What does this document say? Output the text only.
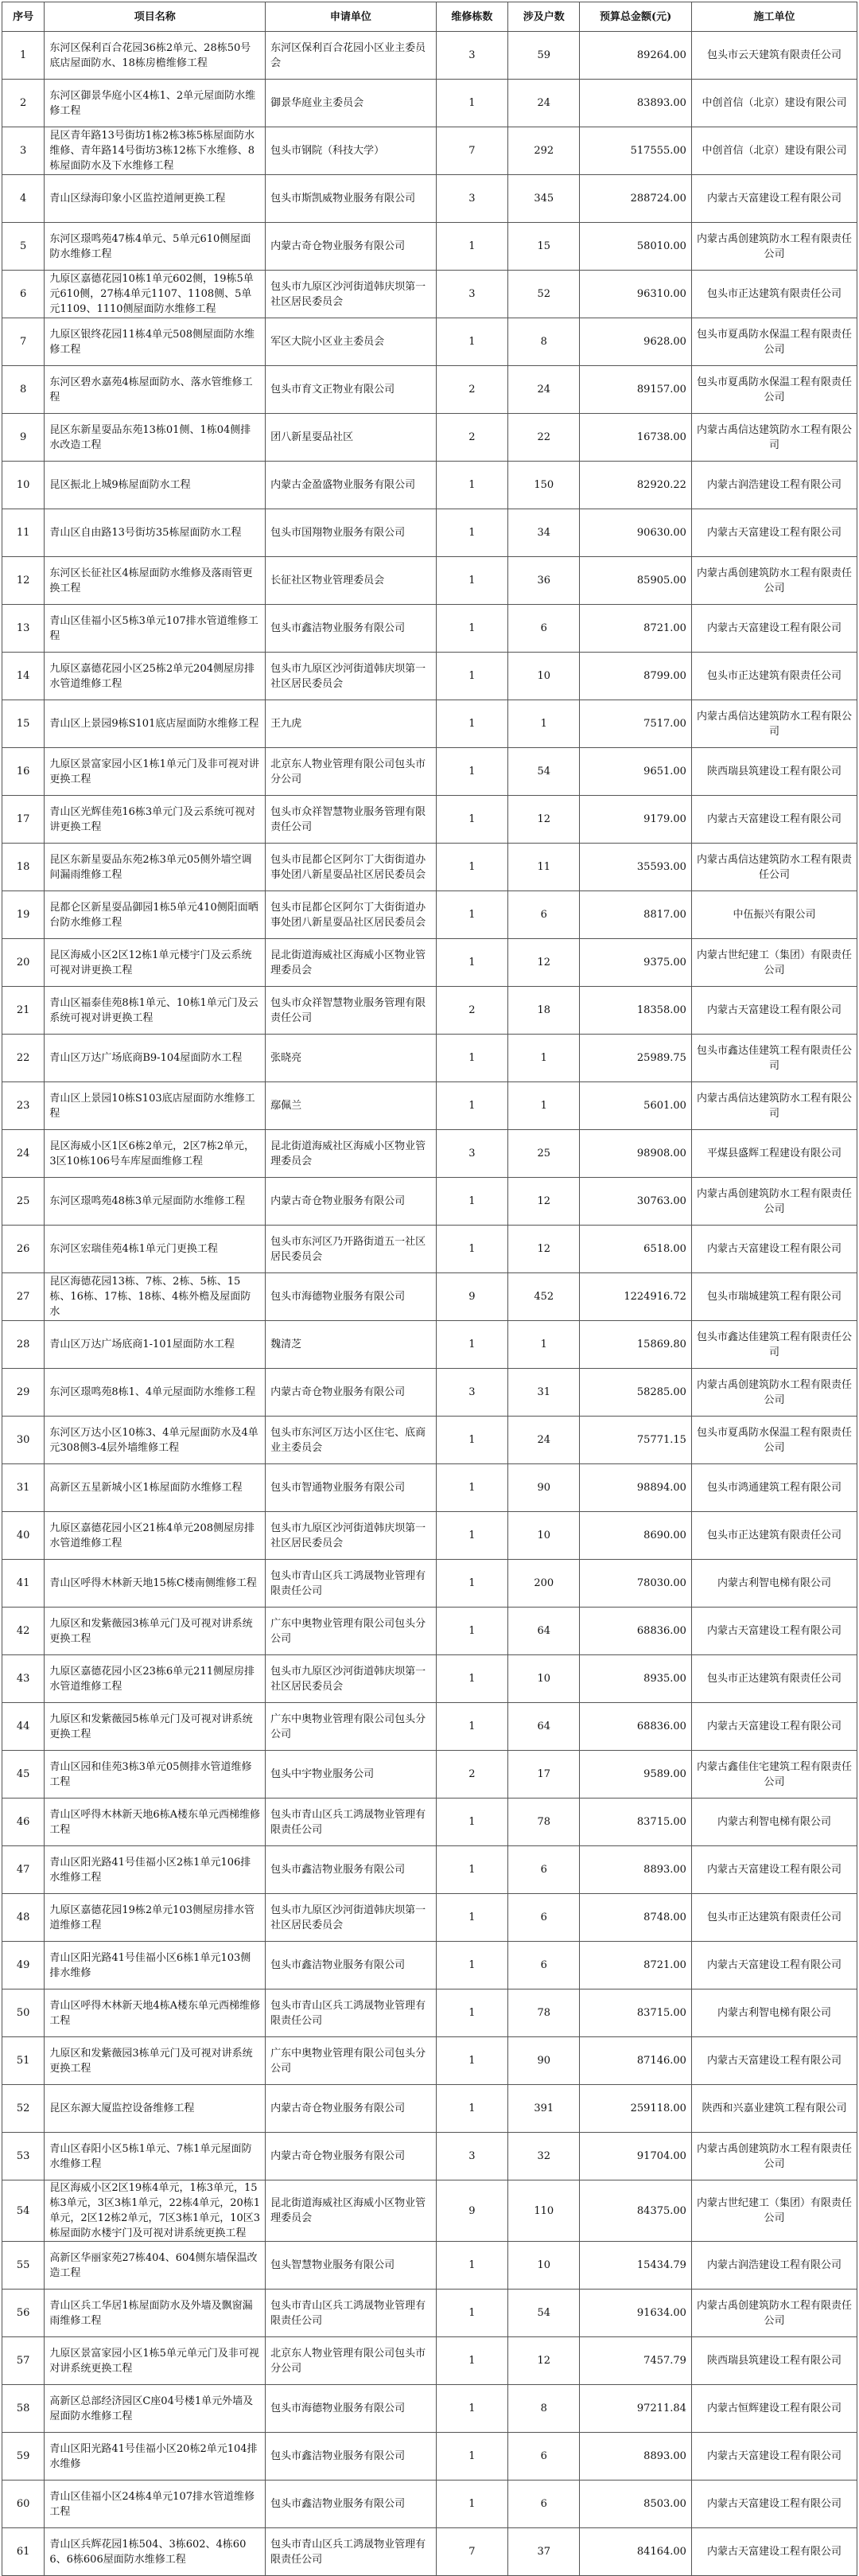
序号	项目名称	申请单位	维修栋数	涉及户数	预算总金额(元)	施工单位
1	东河区保利百合花园36栋2单元、28栋50号底店屋面防水、18栋房檐维修工程	东河区保利百合花园小区业主委员会	3	59	89264.00	包头市云天建筑有限责任公司
2	东河区御景华庭小区4栋1、2单元屋面防水维修工程	御景华庭业主委员会	1	24	83893.00	中创首信（北京）建设有限公司
3	昆区青年路13号街坊1栋2栋3栋5栋屋面防水维修、青年路14号街坊3栋12栋下水维修、8栋屋面防水及下水维修工程	包头市钢院（科技大学）	7	292	517555.00	中创首信（北京）建设有限公司
4	青山区绿海印象小区监控道闸更换工程	包头市斯凯威物业服务有限公司	3	345	288724.00	内蒙古天富建设工程有限公司
5	东河区璟鸣苑47栋4单元、5单元610侧屋面防水维修工程	内蒙古奇仓物业服务有限公司	1	15	58010.00	内蒙古禹创建筑防水工程有限责任公司
6	九原区嘉德花园10栋1单元602侧，19栋5单元610侧，27栋4单元1107、1108侧、5单元1109、1110侧屋面防水维修工程	包头市九原区沙河街道韩庆坝第一社区居民委员会	3	52	96310.00	包头市正达建筑有限责任公司
7	九原区银终花园11栋4单元508侧屋面防水维修工程	军区大院小区业主委员会	1	8	9628.00	包头市夏禹防水保温工程有限责任公司
8	东河区碧水嘉苑4栋屋面防水、落水管维修工程	包头市育文正物业有限公司	2	24	89157.00	包头市夏禹防水保温工程有限责任公司
9	昆区东新星耍品东苑13栋01侧、1栋04侧排水改造工程	团八新星耍品社区	2	22	16738.00	内蒙古禹信达建筑防水工程有限公司
10	昆区振北上城9栋屋面防水工程	内蒙古金盈盛物业服务有限公司	1	150	82920.22	内蒙古润浩建设工程有限公司
11	青山区自由路13号街坊35栋屋面防水工程	包头市国翔物业服务有限公司	1	34	90630.00	内蒙古天富建设工程有限公司
12	东河区长征社区4栋屋面防水维修及落雨管更换工程	长征社区物业管理委员会	1	36	85905.00	内蒙古禹创建筑防水工程有限责任公司
13	青山区佳福小区5栋3单元107排水管道维修工程	包头市鑫洁物业服务有限公司	1	6	8721.00	内蒙古天富建设工程有限公司
14	九原区嘉德花园小区25栋2单元204侧屋房排水管道维修工程	包头市九原区沙河街道韩庆坝第一社区居民委员会	1	10	8799.00	包头市正达建筑有限责任公司
15	青山区上景园9栋S101底店屋面防水维修工程	王九虎	1	1	7517.00	内蒙古禹信达建筑防水工程有限公司
16	九原区景富家园小区1栋1单元门及非可视对讲更换工程	北京东人物业管理有限公司包头市分公司	1	54	9651.00	陕西瑞县筑建设工程有限公司
17	青山区光辉佳苑16栋3单元门及云系统可视对讲更换工程	包头市众祥智慧物业服务管理有限责任公司	1	12	9179.00	内蒙古天富建设工程有限公司
18	昆区东新星耍品东苑2栋3单元05侧外墙空调间漏雨维修工程	包头市昆都仑区阿尔丁大街街道办事处团八新星耍品社区居民委员会	1	11	35593.00	内蒙古禹信达建筑防水工程有限责任公司
19	昆都仑区新星耍品御园1栋5单元410侧阳面晒台防水维修工程	包头市昆都仑区阿尔丁大街街道办事处团八新星耍品社区居民委员会	1	6	8817.00	中伍振兴有限公司
20	昆区海威小区2区12栋1单元楼宇门及云系统可视对讲更换工程	昆北街道海威社区海威小区物业管理委员会	1	12	9375.00	内蒙古世纪建工（集团）有限责任公司
21	青山区福泰佳苑8栋1单元、10栋1单元门及云系统可视对讲更换工程	包头市众祥智慧物业服务管理有限责任公司	2	18	18358.00	内蒙古天富建设工程有限公司
22	青山区万达广场底商B9-104屋面防水工程	张晓亮	1	1	25989.75	包头市鑫达佳建筑工程有限责任公司
23	青山区上景园10栋S103底店屋面防水维修工程	鄢佩兰	1	1	5601.00	内蒙古禹信达建筑防水工程有限公司
24	昆区海威小区1区6栋2单元，2区7栋2单元，3区10栋106号车库屋面维修工程	昆北街道海威社区海威小区物业管理委员会	3	25	98908.00	平煤县盛辉工程建设有限公司
25	东河区璟鸣苑48栋3单元屋面防水维修工程	内蒙古奇仓物业服务有限公司	1	12	30763.00	内蒙古禹创建筑防水工程有限责任公司
26	东河区宏瑞佳苑4栋1单元门更换工程	包头市东河区乃开路街道五一社区居民委员会	1	12	6518.00	内蒙古天富建设工程有限公司
27	昆区海德花园13栋、7栋、2栋、5栋、15栋、16栋、17栋、18栋、4栋外檐及屋面防水	包头市海德物业服务有限公司	9	452	1224916.72	包头市瑞城建筑工程有限公司
28	青山区万达广场底商1-101屋面防水工程	魏清芝	1	1	15869.80	包头市鑫达佳建筑工程有限责任公司
29	东河区璟鸣苑8栋1、4单元屋面防水维修工程	内蒙古奇仓物业服务有限公司	3	31	58285.00	内蒙古禹创建筑防水工程有限责任公司
30	东河区万达小区10栋3、4单元屋面防水及4单元308侧3-4层外墙维修工程	包头市东河区万达小区住宅、底商业主委员会	1	24	75771.15	包头市夏禹防水保温工程有限责任公司
31	高新区五星新城小区1栋屋面防水维修工程	包头市智通物业服务有限公司	1	90	98894.00	包头市鸿通建筑工程有限公司
40	九原区嘉德花园小区21栋4单元208侧屋房排水管道维修工程	包头市九原区沙河街道韩庆坝第一社区居民委员会	1	10	8690.00	包头市正达建筑有限责任公司
41	青山区呼得木林新天地15栋C楼南侧维修工程	包头市青山区兵工鸿晟物业管理有限责任公司	1	200	78030.00	内蒙古利智电梯有限公司
42	九原区和发紫薇园3栋单元门及可视对讲系统更换工程	广东中奥物业管理有限公司包头分公司	1	64	68836.00	内蒙古天富建设工程有限公司
43	九原区嘉德花园小区23栋6单元211侧屋房排水管道维修工程	包头市九原区沙河街道韩庆坝第一社区居民委员会	1	10	8935.00	包头市正达建筑有限责任公司
44	九原区和发紫薇园5栋单元门及可视对讲系统更换工程	广东中奥物业管理有限公司包头分公司	1	64	68836.00	内蒙古天富建设工程有限公司
45	青山区园和佳苑3栋3单元05侧排水管道维修工程	包头中宇物业服务公司	2	17	9589.00	内蒙古鑫佳住宅建筑工程有限责任公司
46	青山区呼得木林新天地6栋A楼东单元西梯维修工程	包头市青山区兵工鸿晟物业管理有限责任公司	1	78	83715.00	内蒙古利智电梯有限公司
47	青山区阳光路41号佳福小区2栋1单元106排水维修工程	包头市鑫洁物业服务有限公司	1	6	8893.00	内蒙古天富建设工程有限公司
48	九原区嘉德花园19栋2单元103侧屋房排水管道维修工程	包头市九原区沙河街道韩庆坝第一社区居民委员会	1	6	8748.00	包头市正达建筑有限责任公司
49	青山区阳光路41号佳福小区6栋1单元103侧排水维修	包头市鑫洁物业服务有限公司	1	6	8721.00	内蒙古天富建设工程有限公司
50	青山区呼得木林新天地4栋A楼东单元西梯维修工程	包头市青山区兵工鸿晟物业管理有限责任公司	1	78	83715.00	内蒙古利智电梯有限公司
51	九原区和发紫薇园3栋单元门及可视对讲系统更换工程	广东中奥物业管理有限公司包头分公司	1	90	87146.00	内蒙古天富建设工程有限公司
52	昆区东源大厦监控设备维修工程	内蒙古奇仓物业服务有限公司	1	391	259118.00	陕西和兴嘉业建筑工程有限公司
53	青山区春阳小区5栋1单元、7栋1单元屋面防水维修工程	内蒙古奇仓物业服务有限公司	3	32	91704.00	内蒙古禹创建筑防水工程有限责任公司
54	昆区海威小区2区19栋4单元，1栋3单元，15栋3单元，3区3栋1单元，22栋4单元，20栋1单元，2区12栋2单元，7区3栋1单元，10区3栋屋面防水楼宇门及可视对讲系统更换工程	昆北街道海威社区海威小区物业管理委员会	9	110	84375.00	内蒙古世纪建工（集团）有限责任公司
55	高新区华丽家苑27栋404、604侧东墙保温改造工程	包头智慧物业服务有限公司	1	10	15434.79	内蒙古润浩建设工程有限公司
56	青山区兵工华居1栋屋面防水及外墙及飘窗漏雨维修工程	包头市青山区兵工鸿晟物业管理有限责任公司	1	54	91634.00	内蒙古禹创建筑防水工程有限责任公司
57	九原区景富家园小区1栋5单元单元门及非可视对讲系统更换工程	北京东人物业管理有限公司包头市分公司	1	12	7457.79	陕西瑞县筑建设工程有限公司
58	高新区总部经济园区C座04号楼1单元外墙及屋面防水维修工程	包头市海德物业服务有限公司	1	8	97211.84	内蒙古恒辉建设工程有限公司
59	青山区阳光路41号佳福小区20栋2单元104排水维修	包头市鑫洁物业服务有限公司	1	6	8893.00	内蒙古天富建设工程有限公司
60	青山区佳福小区24栋4单元107排水管道维修工程	包头市鑫洁物业服务有限公司	1	6	8503.00	内蒙古天富建设工程有限公司
61	青山区兵辉花园1栋504、3栋602、4栋606、6栋606屋面防水维修工程	包头市青山区兵工鸿晟物业管理有限责任公司	7	37	84164.00	内蒙古天富建设工程有限公司
